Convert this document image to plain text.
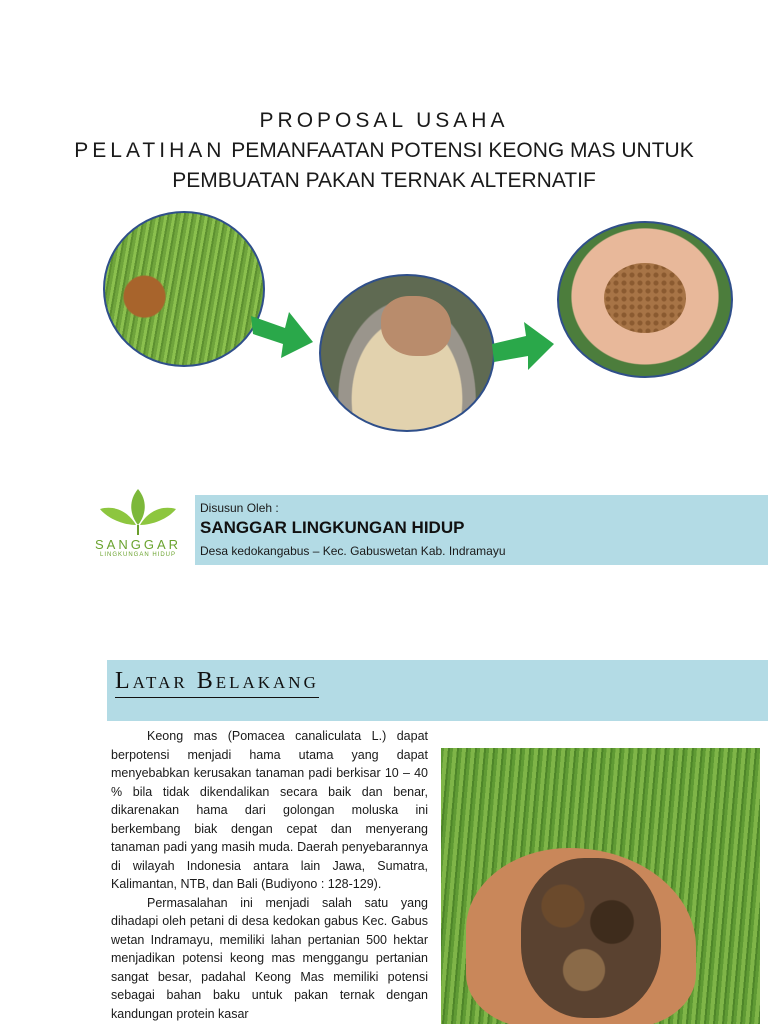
PROPOSAL USAHA
PELATIHAN PEMANFAATAN POTENSI KEONG MAS UNTUK
PEMBUATAN PAKAN TERNAK ALTERNATIF
SANGGAR
LINGKUNGAN HIDUP
Disusun Oleh :
SANGGAR LINGKUNGAN HIDUP
Desa kedokangabus – Kec. Gabuswetan Kab. Indramayu
Latar Belakang

Keong mas (Pomacea canaliculata L.) dapat berpotensi menjadi hama utama yang dapat menyebabkan kerusakan tanaman padi berkisar 10 – 40 % bila tidak dikendalikan secara baik dan benar, dikarenakan hama dari golongan moluska ini berkembang biak dengan cepat dan menyerang tanaman padi yang masih muda. Daerah penyebarannya di wilayah Indonesia antara lain Jawa, Sumatra, Kalimantan, NTB, dan Bali (Budiyono : 128-129).

Permasalahan ini menjadi salah satu yang dihadapi oleh petani di desa kedokan gabus Kec. Gabus wetan Indramayu, memiliki lahan pertanian 500 hektar menjadikan potensi keong mas menggangu pertanian sangat besar, padahal Keong Mas memiliki potensi sebagai bahan baku untuk pakan ternak dengan kandungan protein kasar
